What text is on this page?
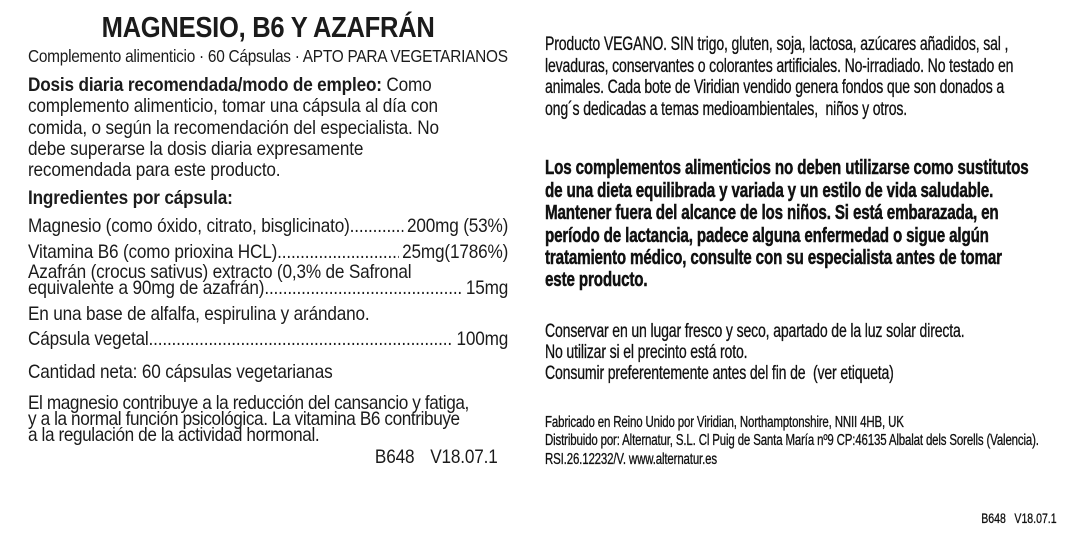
MAGNESIO, B6 Y AZAFRÁN
Complemento alimenticio · 60 Cápsulas · APTO PARA VEGETARIANOS

Dosis diaria recomendada/modo de empleo: Como
complemento alimenticio, tomar una cápsula al día con
comida, o según la recomendación del especialista. No
debe superarse la dosis diaria expresamente
recomendada para este producto.

Ingredientes por cápsula:
Magnesio (como óxido, citrato, bisglicinato) .....	200mg (53%)
Vitamina B6 (como prioxina HCL) .....	25mg(1786%)
Azafrán (crocus sativus) extracto (0,3% de Safronal
equivalente a 90mg de azafrán) .....	15mg
En una base de alfalfa, espirulina y arándano.
Cápsula vegetal .....	100mg
Cantidad neta: 60 cápsulas vegetarianas
El magnesio contribuye a la reducción del cansancio y fatiga,
y a la normal función psicológica. La vitamina B6 contribuye
a la regulación de la actividad hormonal.
B648 V18.07.1

Producto VEGANO. SIN trigo, gluten, soja, lactosa, azúcares añadidos, sal ,
levaduras, conservantes o colorantes artificiales. No-irradiado. No testado en
animales. Cada bote de Viridian vendido genera fondos que son donados a
ong´s dedicadas a temas medioambientales,  niños y otros.

Los complementos alimenticios no deben utilizarse como sustitutos
de una dieta equilibrada y variada y un estilo de vida saludable.
Mantener fuera del alcance de los niños. Si está embarazada, en
período de lactancia, padece alguna enfermedad o sigue algún
tratamiento médico, consulte con su especialista antes de tomar
este producto.

Conservar en un lugar fresco y seco, apartado de la luz solar directa.
No utilizar si el precinto está roto.
Consumir preferentemente antes del fin de  (ver etiqueta)

Fabricado en Reino Unido por Viridian, Northamptonshire, NNII 4HB, UK
Distribuido por: Alternatur, S.L. Cl Puig de Santa María nº9 CP:46135 Albalat dels Sorells (Valencia).
RSI.26.12232/V. www.alternatur.es

B648 V18.07.1
